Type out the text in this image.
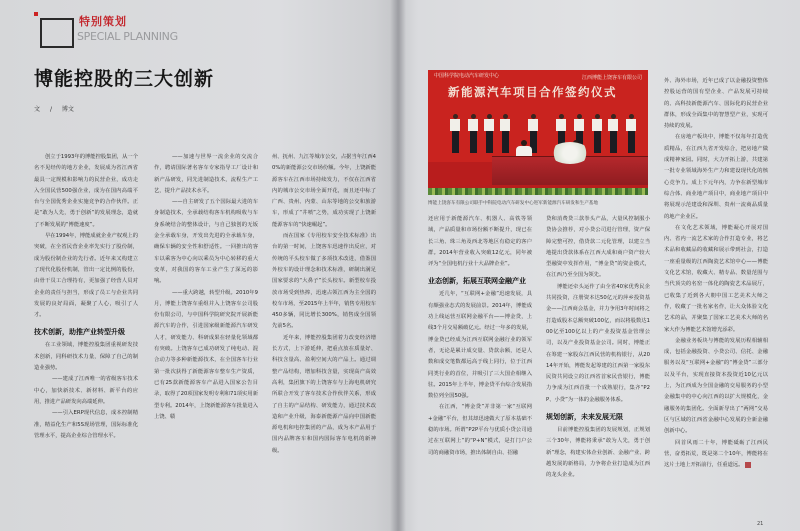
特别策划
SPECIAL PLANNING
博能控股的三大创新
文 / 博文

创立于1993年的博能控股集团，从一个名不见经传的地方企业，发展成为省江西省最具一定规模和影响力的民营企业，成功走入全国民营500强企业，成为在国内高端平台与全国优秀企业实施竞争的合作伙伴。正是“敢为人先，勇于创新”的发展理念，造就了不断发展的“博能速度”。

早在1994年，博能成就企业产权观上的突破，在全省民营企业率先实行了股份制，成为股份制企业的先行者。近年来又构建立了现代化股份机制，管出一定比例的股份，由骨干员工合理持有，更加强了经营人员对企业的责任与担当，形成了员工与企业共同发展的良好局面，凝聚了人心，吸引了人才。

技术创新，助推产业转型升级

在工业领域，博能控股集团重视研发技术创新，同科研技术力量，保障了自己的制造业强势。

——建成了江西唯一的省级客车技术中心，加快新技术、新材料、新平台的应用，推进产品研发向高端延伸。

——引入ERP现代信息，成本控制精准，精益化生产和5S现场管理，国际标准化管理水平，提高企业综合管理水平。

——加速与世界一流企业的交流合作，聘请国际著名客车专家指导工厂设计和新产品研发，同先进制造技术，流程生产工艺，提升产品技术水平。

——自主研发了五个国际最大进的车身制造技术，全承载结构客车机构吸收与车身系统结合的整体设计，与自己独创的无钣金全承载车身，开发出先进的全承载车身，确保车辆的安全性和舒适性。一回推出的客车以乘客为中心向以乘员为中心转移的重大变革，对我国的客车工业产生了深远的影响。

——重大跨越，转型升级。2010年9月，博能上饶客车重组并入上饶客车公司股份有限公司，与中国科学院研究院开展新能源汽车的合作，引进国家级新能源汽车研发人才，研发能力、科研成果在轻量化领域都有突破。上饶客车已成功研发了纯电动、混合动力等多种新能源技术，在全国客车行业第一批次获得了新能源客车整车生产资质，已有25款新能源客车产品进入国家公告目录，取得了20项国家发明专利和71项实用新型专利。2014年，上饶新能源客车批量进入上饶、赣

州、抚州、九江等城市公交，占据当年江西40%的新能源公交市场份额。今年，上饶新能源客车在江西市场持续发力，不仅在江西省内的城市公交市场全面开花，而且还中标了广西、贵州、内蒙、山东等地的公交和旅游车，形成了“井喷”之势，成功实现了上饶新能源客车的“快速崛起”。

而在国家《专用校车安全技术标准》出台的第一时间，上饶客车迅速作出反应，对传统的平头校车做了多项技术改进，借鉴国外校车的设计理念和技术标准，研制出满足国家要求的“大鼻子”长头校车。新型校车投放市场受到热捧，迅速占领江西为主全国的校车市场，至2015年上半年，销售专用校车450多辆，同比增长300%，销售成全国领先前5名。

近年来，博能控股集团着力改变经济增长方式，上下游延伸，把重点放在质量好、科技含量高、盈利空间大的产品上。通过调整产品结构，增加科技含量，实现高产高效高利，集团旗下的上饶客车与上海电机研究所联合开发了客车技术合作伙伴关系，形成了自主的产品结构、研发能力，通过技术改造和产业升级，海泰新能源产品向中国新能源电机和电控集团的产品，成为本产品用于国内品牌客车和国内国际客车电机的新神级。

中国科学院电动汽车研发中心	江西博能上饶客车有限公司
新能源汽车项目合作签约仪式
博能上饶客车有限公司联手中科院电动汽车研发中心进军新能源汽车研发和生产基地

还应用于新能源汽车、机器人、高铁等领域，产品质量和市场份额不断提升，现已在长三角、珠三角及西北等地区有稳定的客户群。2014年营业收入突破12亿元，同年被评为“全国电机行业十大品牌企业”。

业态创新，拓展互联网金融产业

近几年，“互联网+金融”迅速发展，具有颇强业态式的发展前景。2014年，博能成功上线运营互联网金融平台——博金贷，上线3个月交易额破亿元。经过一年多的发展，博金贷已经成为江西互联网金融行业的领军者，无论是累计成交量、贷款余额，还是人数和成交笔数都远高于线上同行，位于江西同类行业的首位，并吸引了三大国企相继入驻。2015年上半年，博金贷平台综合发展指数位列全国50强。

在江西，“博金贷”并非第一家“互联网+金融”平台，但其却迅速做大了原本基础不稳的市场。所谓“P2P平台与优质小贷公司通过在互联网上”的“P+N”模式，是打门户公司的商融资市场，推出体制自由、招融

贷和消费贷三款拳头产品，大量风控制服小贷协会推荐，对小贷公司进行管理，资产保障完整可控，借贷款二元化管理，以建立当地提出贷款体系在江西大成和商户资产较大型融资中发挥作用，“博金贷”的资金模式，在江西乃至全国为领先。

博能还牵头运作了由全省40家优秀民企共同投资，注册资本达50亿元的萍乡投资基金——江西商会基金，并力争用3年时间将之打造成股本总额突破100亿，而以将股数达100亿至100亿以上的产业投资基金管理公司，以及产业投资基金公司。同时，博能正在筹建一家股东江西民营的机构银行，从2014年开始，博能发起筹建的江西第一家股东民资共同设立的江西省首家民营银行，博能力争成为江西首批一个成熟银行，集齐“P2P、小贷”为一体的金融服务体系。

规划创新，未来发展无限

目前博能控股集团的发展规划，正规划三个30年，博能将秉承“敢为人先，勇于创新”理念，构建实体企业创新、金融产业、跨越发展的新格局，力争将企业打造成为江西的龙头企业。

外、海外市场，近年已成了以金融投资整体控股运营的国有型企业、产品发展可持续的、高科技新能源汽车、国际化的民营企业群体，形成全面集中的智慧型产业，实现可持续的发展。

在房地产板块中，博能不仅每年打造优质精品，在江西九省开发综合，把房地产做成精神家园。同时，大力开拓上游，共建第一批专业领域海外生产力和建设现代化的核心竞争力。成上下元年内，力争在新型城市综合体、商业地产项目中，商业地产项目中将展现示范建设和深圳、贵州一流商品质量的地产企业区。

在文化艺术领域，博能凝心开展对国内、省内一流艺术家的合作打造专业，将艺术品和收藏品的收藏和展示带到社会，打造一座重量级的江西陶瓷艺术馆中心——博能文化艺术馆，收藏大、精专品、数量范围与当代顶尖的名窑一体化的陶瓷艺术品展厅，已收集了近到各大朝中国工艺美术大师之作，收藏了一批名家名作，让大众体验文化艺术的品，并聚集了国家工艺美术大师的名家大作为博能艺术馆增光添彩。

金融业务板块与博能的发展历程相辅相成，包括金融投资、小贷公司、信托、金融服务以及“互联网+金融”的“博金贷”三部分以及平台，实现直接资本投资近10亿元以上，为江西成为全国金融的交易服务的小型金融集中的中心向江西的以扩大规模化，金融服务的集团化。全面新导出了“两网”交易区与区域的江西省金融中心发展的全新金融创新中心。

回首风雨二十年，博能砥砺了江西民营，奋勇拓荒，既是第二个10年，博能将在这片土地上开拓前行，任重道远。

21
